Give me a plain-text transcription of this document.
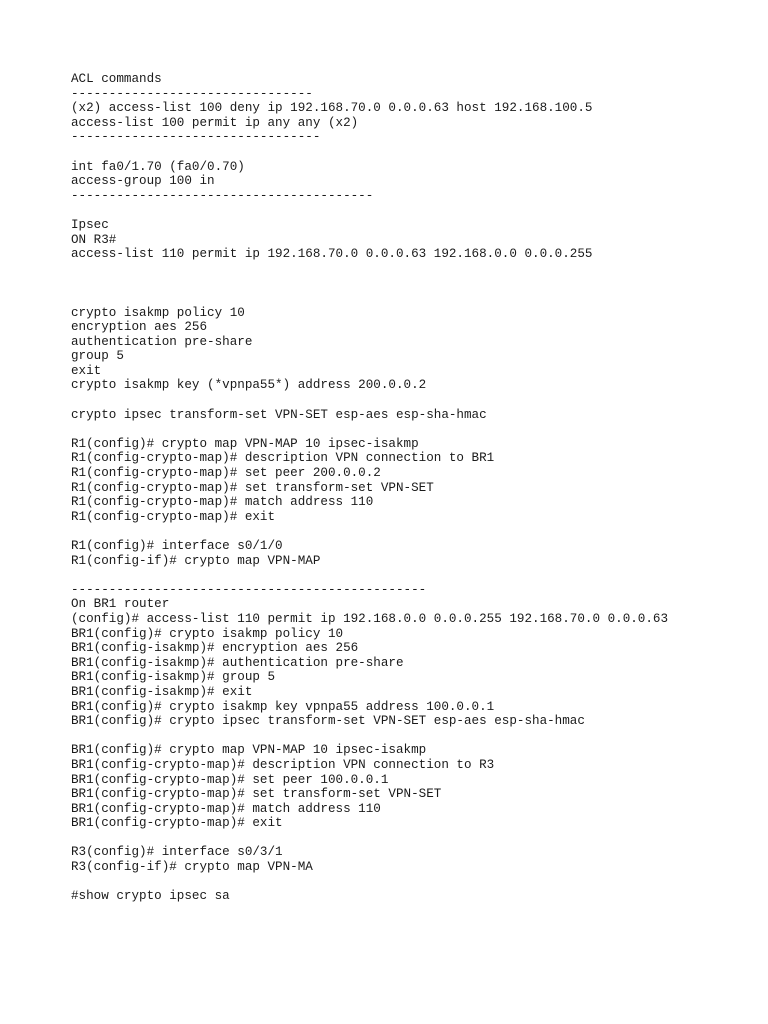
ACL commands
--------------------------------
(x2) access-list 100 deny ip 192.168.70.0 0.0.0.63 host 192.168.100.5
access-list 100 permit ip any any (x2)
---------------------------------
int fa0/1.70 (fa0/0.70)
access-group 100 in
----------------------------------------
Ipsec
ON R3#
access-list 110 permit ip 192.168.70.0 0.0.0.63 192.168.0.0 0.0.0.255
crypto isakmp policy 10
encryption aes 256
authentication pre-share
group 5
exit
crypto isakmp key (*vpnpa55*) address 200.0.0.2
crypto ipsec transform-set VPN-SET esp-aes esp-sha-hmac
R1(config)# crypto map VPN-MAP 10 ipsec-isakmp
R1(config-crypto-map)# description VPN connection to BR1
R1(config-crypto-map)# set peer 200.0.0.2
R1(config-crypto-map)# set transform-set VPN-SET
R1(config-crypto-map)# match address 110
R1(config-crypto-map)# exit
R1(config)# interface s0/1/0
R1(config-if)# crypto map VPN-MAP
-----------------------------------------------
On BR1 router
(config)# access-list 110 permit ip 192.168.0.0 0.0.0.255 192.168.70.0 0.0.0.63
BR1(config)# crypto isakmp policy 10
BR1(config-isakmp)# encryption aes 256
BR1(config-isakmp)# authentication pre-share
BR1(config-isakmp)# group 5
BR1(config-isakmp)# exit
BR1(config)# crypto isakmp key vpnpa55 address 100.0.0.1
BR1(config)# crypto ipsec transform-set VPN-SET esp-aes esp-sha-hmac
BR1(config)# crypto map VPN-MAP 10 ipsec-isakmp
BR1(config-crypto-map)# description VPN connection to R3
BR1(config-crypto-map)# set peer 100.0.0.1
BR1(config-crypto-map)# set transform-set VPN-SET
BR1(config-crypto-map)# match address 110
BR1(config-crypto-map)# exit
R3(config)# interface s0/3/1
R3(config-if)# crypto map VPN-MA
#show crypto ipsec sa
